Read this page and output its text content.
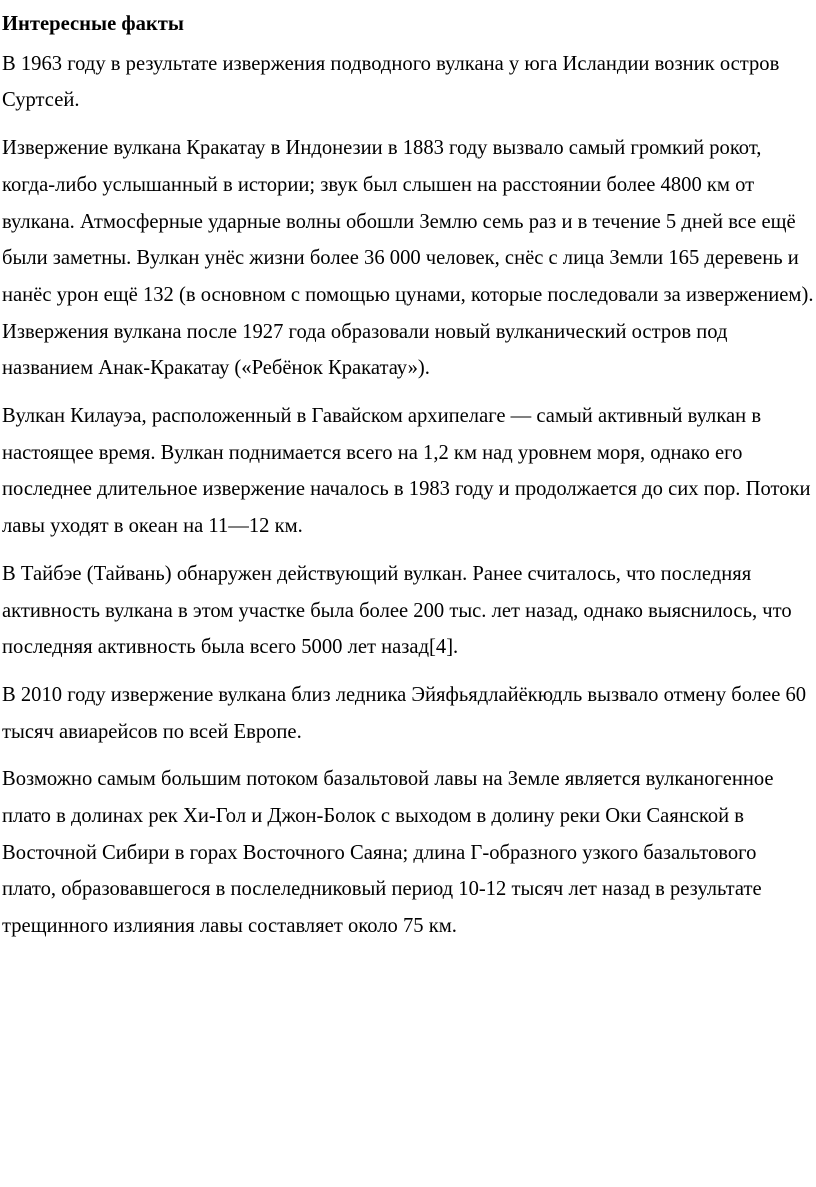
Интересные факты
В 1963 году в результате извержения подводного вулкана у юга Исландии возник остров Суртсей.
Извержение вулкана Кракатау в Индонезии в 1883 году вызвало самый громкий рокот, когда-либо услышанный в истории; звук был слышен на расстоянии более 4800 км от вулкана. Атмосферные ударные волны обошли Землю семь раз и в течение 5 дней все ещё были заметны. Вулкан унёс жизни более 36 000 человек, снёс с лица Земли 165 деревень и нанёс урон ещё 132 (в основном с помощью цунами, которые последовали за извержением). Извержения вулкана после 1927 года образовали новый вулканический остров под названием Анак-Кракатау («Ребёнок Кракатау»).
Вулкан Килауэа, расположенный в Гавайском архипелаге — самый активный вулкан в настоящее время. Вулкан поднимается всего на 1,2 км над уровнем моря, однако его последнее длительное извержение началось в 1983 году и продолжается до сих пор. Потоки лавы уходят в океан на 11—12 км.
В Тайбэе (Тайвань) обнаружен действующий вулкан. Ранее считалось, что последняя активность вулкана в этом участке была более 200 тыс. лет назад, однако выяснилось, что последняя активность была всего 5000 лет назад[4].
В 2010 году извержение вулкана близ ледника Эйяфьядлайёкюдль вызвало отмену более 60 тысяч авиарейсов по всей Европе.
Возможно самым большим потоком базальтовой лавы на Земле является вулканогенное плато в долинах рек Хи-Гол и Джон-Болок с выходом в долину реки Оки Саянской в Восточной Сибири в горах Восточного Саяна; длина Г-образного узкого базальтового плато, образовавшегося в послеледниковый период 10-12 тысяч лет назад в результате трещинного излияния лавы составляет около 75 км.
